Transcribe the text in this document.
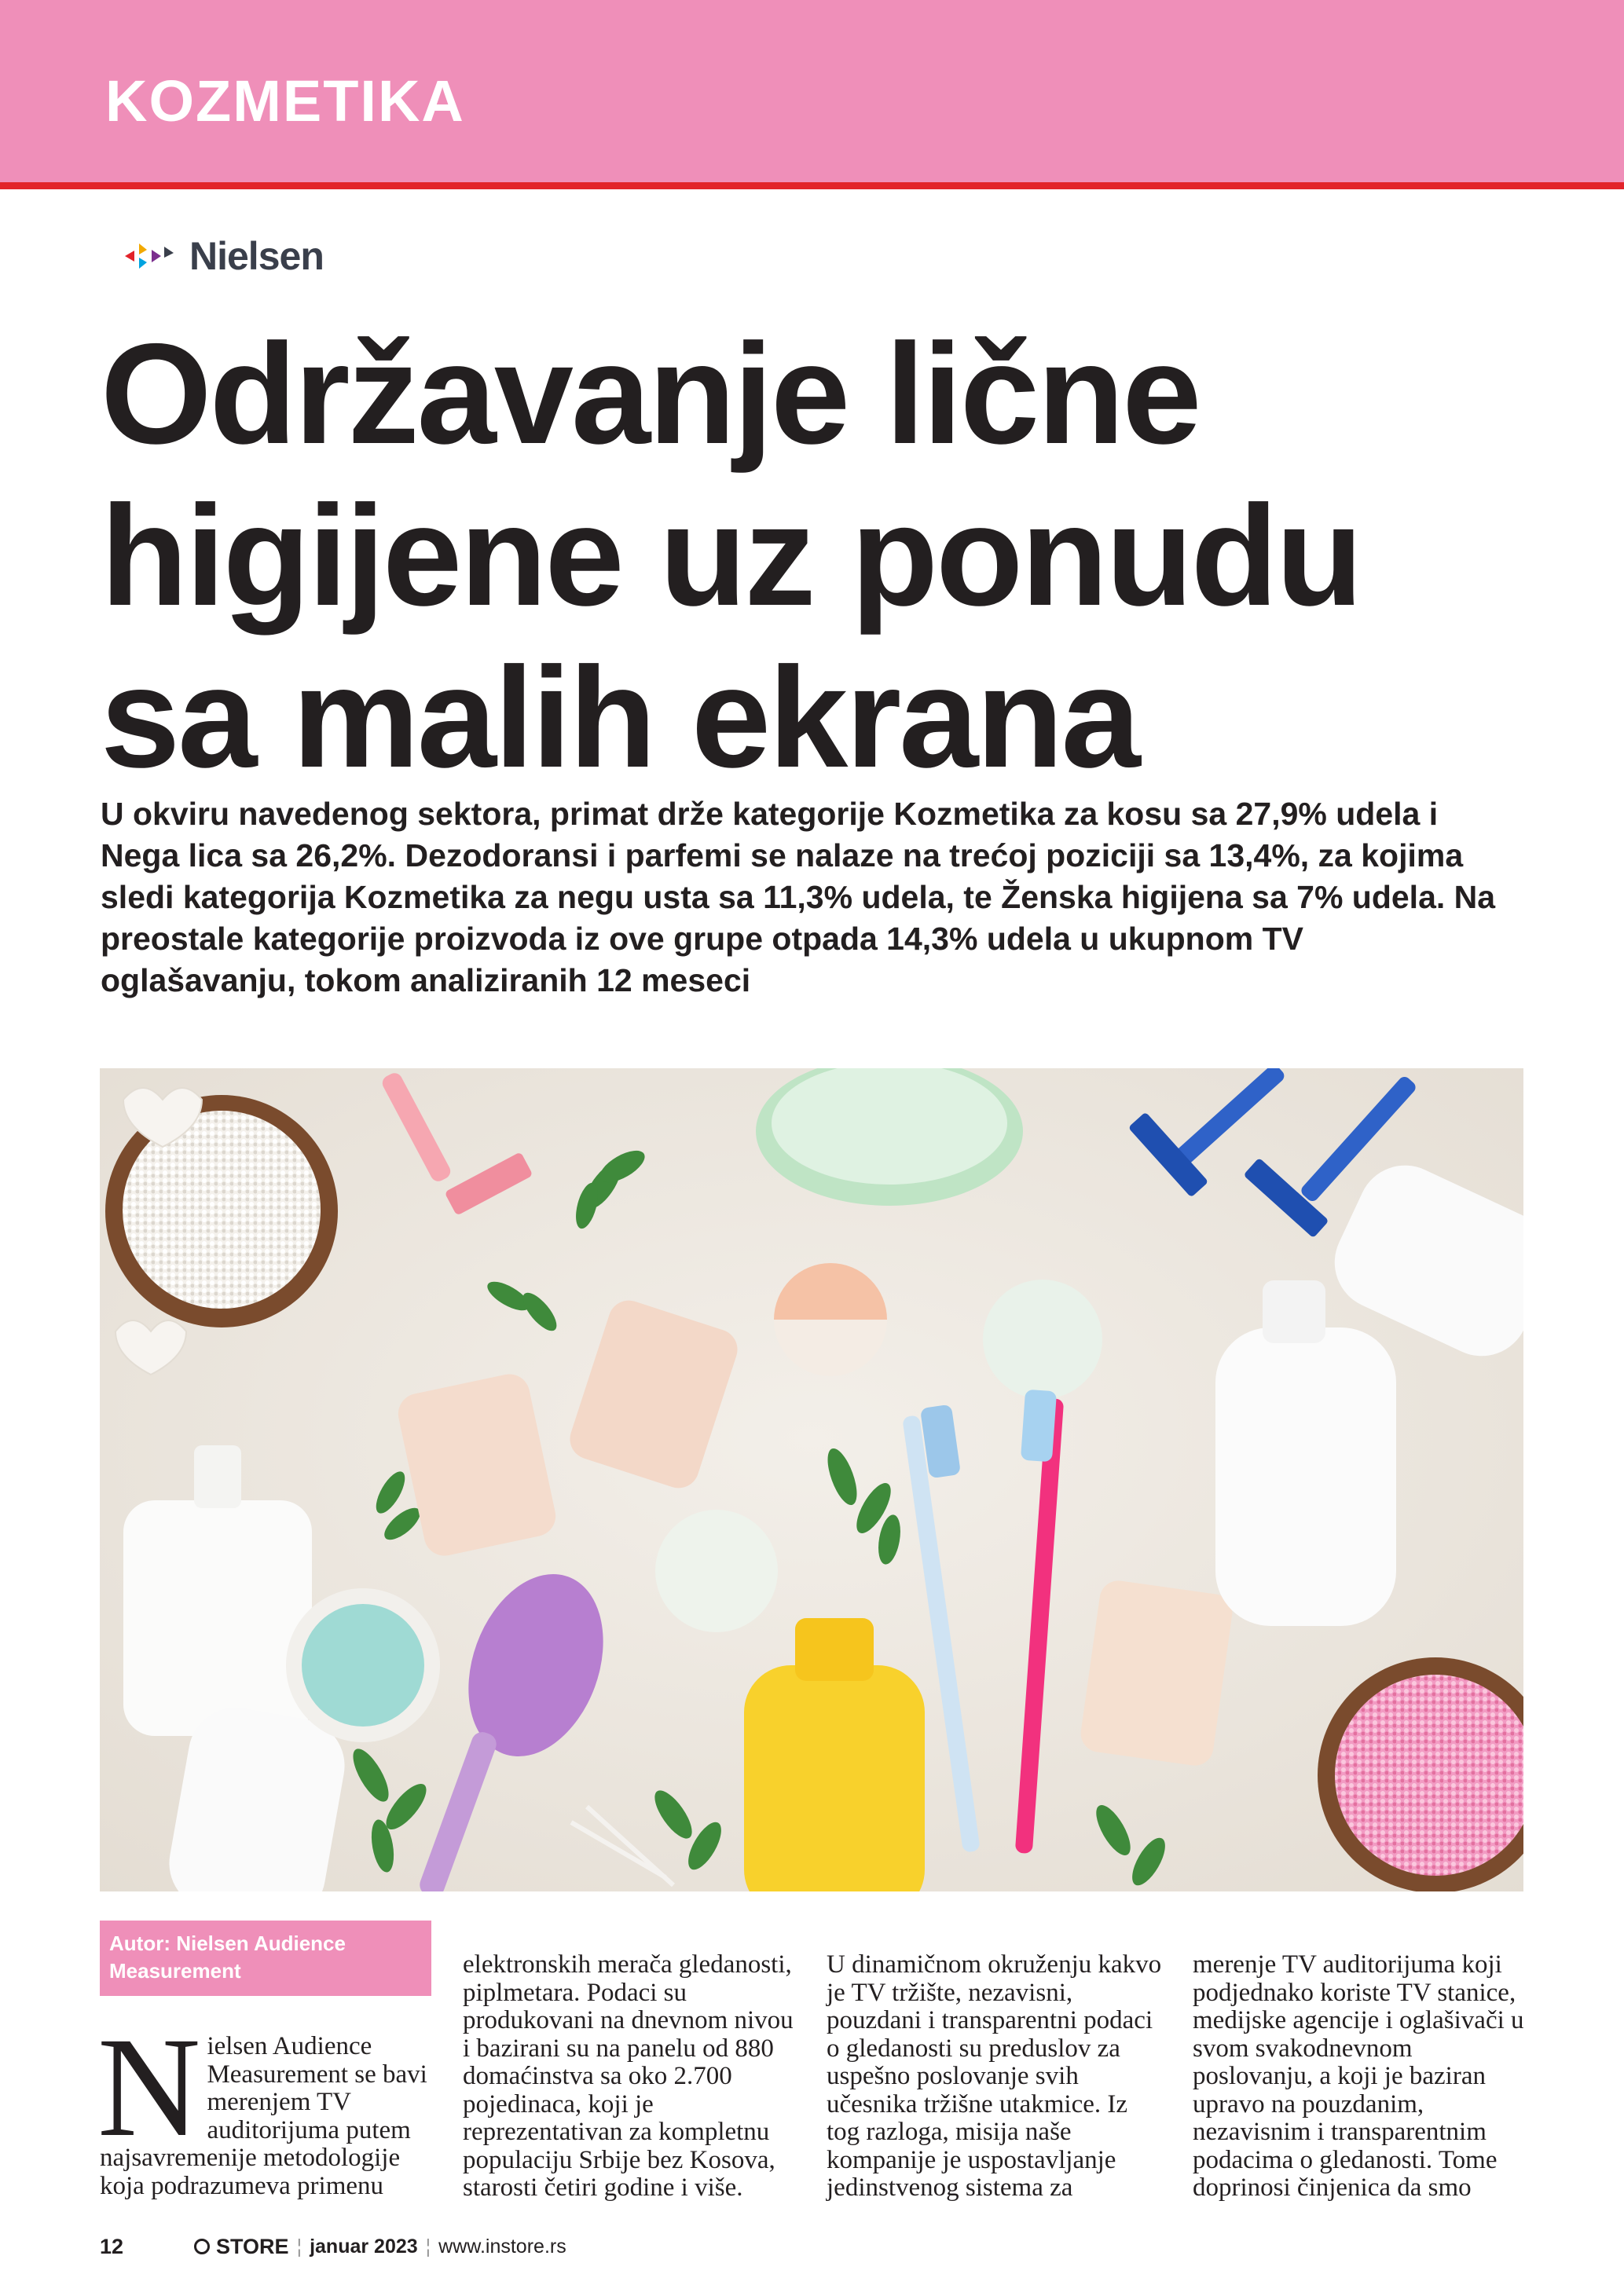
KOZMETIKA
Nielsen
Održavanje lične
higijene uz ponudu
sa malih ekrana

U okviru navedenog sektora, primat drže kategorije Kozmetika za kosu sa 27,9% udela i Nega lica sa 26,2%. Dezodoransi i parfemi se nalaze na trećoj poziciji sa 13,4%, za kojima sledi kategorija Kozmetika za negu usta sa 11,3% udela, te Ženska higijena sa 7% udela. Na preostale kategorije proizvoda iz ove grupe otpada 14,3% udela u ukupnom TV oglašavanju, tokom analiziranih 12 meseci

Autor: Nielsen Audience
Measurement

Nielsen Audience Measurement se bavi merenjem TV auditorijuma putem najsavremenije metodologije koja podrazumeva primenu

elektronskih merača gledanosti, piplmetara. Podaci su produkovani na dnevnom nivou i bazirani su na panelu od 880 domaćinstva sa oko 2.700 pojedinaca, koji je reprezentativan za kompletnu populaciju Srbije bez Kosova, starosti četiri godine i više.

U dinamičnom okruženju kakvo je TV tržište, nezavisni, pouzdani i transparentni podaci o gledanosti su preduslov za uspešno poslovanje svih učesnika tržišne utakmice. Iz tog razloga, misija naše kompanije je uspostavljanje jedinstvenog sistema za

merenje TV auditorijuma koji podjednako koriste TV stanice, medijske agencije i oglašivači u svom svakodnevnom poslovanju, a koji je baziran upravo na pouzdanim, nezavisnim i transparentnim podacima o gledanosti. Tome doprinosi činjenica da smo

12	STORE ¦ januar 2023 ¦ www.instore.rs
